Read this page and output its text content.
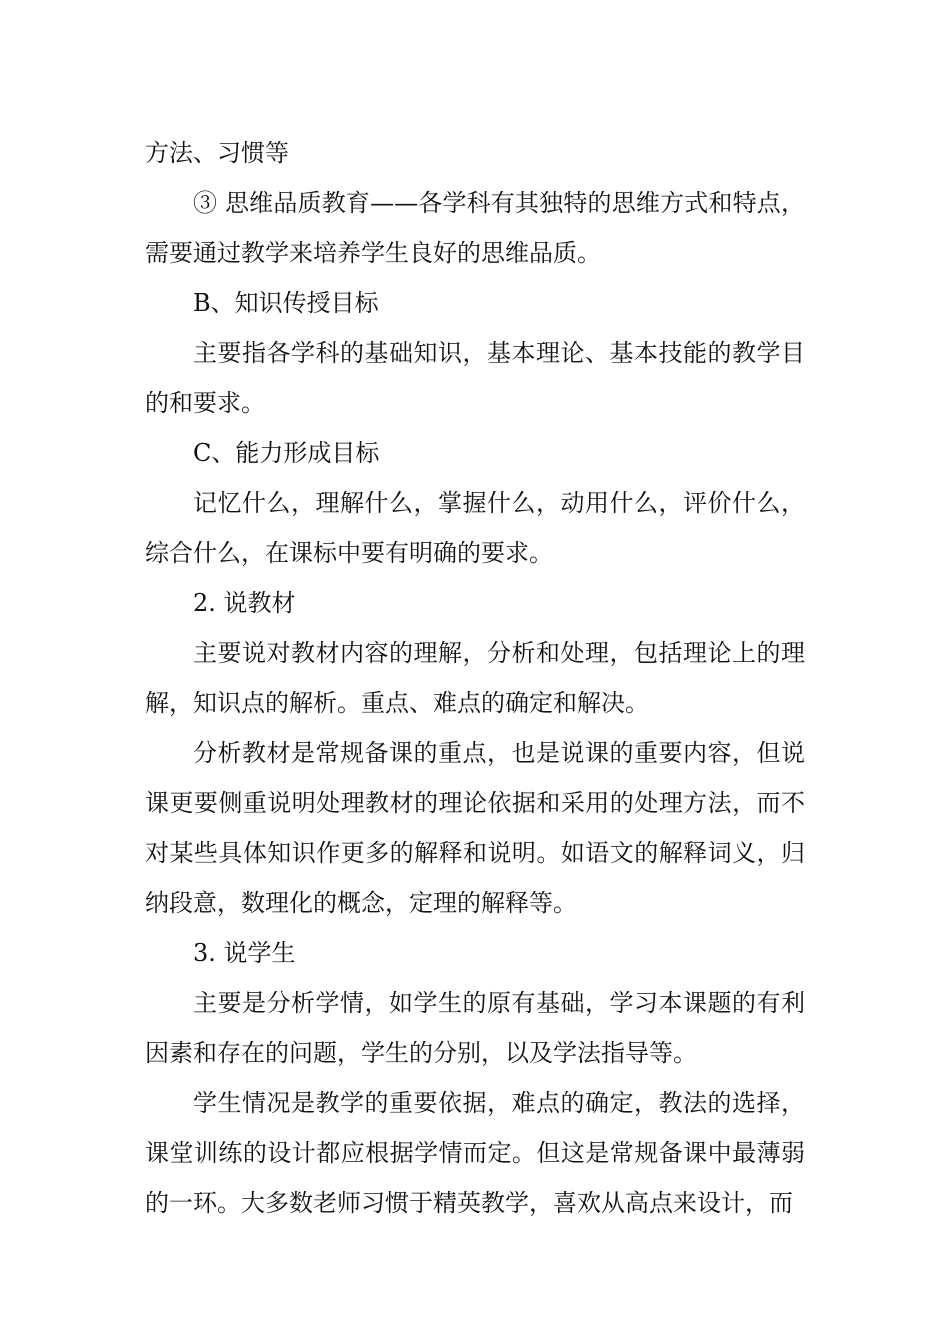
方法、习惯等

③ 思维品质教育——各学科有其独特的思维方式和特点，需要通过教学来培养学生良好的思维品质。

B、知识传授目标

主要指各学科的基础知识，基本理论、基本技能的教学目的和要求。

C、能力形成目标

记忆什么，理解什么，掌握什么，动用什么，评价什么，综合什么，在课标中要有明确的要求。

2. 说教材

主要说对教材内容的理解，分析和处理，包括理论上的理解，知识点的解析。重点、难点的确定和解决。

分析教材是常规备课的重点，也是说课的重要内容，但说课更要侧重说明处理教材的理论依据和采用的处理方法，而不对某些具体知识作更多的解释和说明。如语文的解释词义，归纳段意，数理化的概念，定理的解释等。

3. 说学生

主要是分析学情，如学生的原有基础，学习本课题的有利因素和存在的问题，学生的分别，以及学法指导等。

学生情况是教学的重要依据，难点的确定，教法的选择，课堂训练的设计都应根据学情而定。但这是常规备课中最薄弱的一环。大多数老师习惯于精英教学，喜欢从高点来设计，而
